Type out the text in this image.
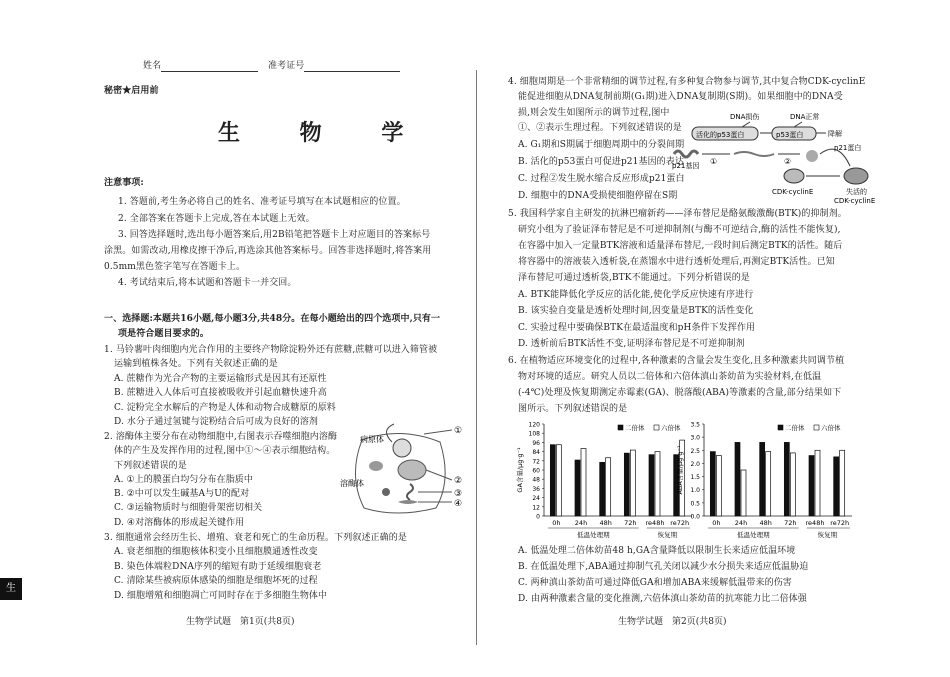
姓名	准考证号
秘密★启用前
生 物 学
注意事项:
1. 答题前,考生务必将自己的姓名、准考证号填写在本试题相应的位置。
2. 全部答案在答题卡上完成,答在本试题上无效。
3. 回答选择题时,选出每小题答案后,用2B铅笔把答题卡上对应题目的答案标号
涂黑。如需改动,用橡皮擦干净后,再选涂其他答案标号。回答非选择题时,将答案用
0.5mm黑色签字笔写在答题卡上。
4. 考试结束后,将本试题和答题卡一并交回。
一、选择题:本题共16小题,每小题3分,共48分。在每小题给出的四个选项中,只有一
项是符合题目要求的。
1. 马铃薯叶肉细胞内光合作用的主要终产物除淀粉外还有蔗糖,蔗糖可以进入筛管被
运输到植株各处。下列有关叙述正确的是
A. 蔗糖作为光合产物的主要运输形式是因其有还原性
B. 蔗糖进入人体后可直接被吸收并引起血糖快速升高
C. 淀粉完全水解后的产物是人体和动物合成糖原的原料
D. 水分子通过氢键与淀粉结合后可成为良好的溶剂
2. 溶酶体主要分布在动物细胞中,右图表示吞噬细胞内溶酶
体的产生及发挥作用的过程,图中①～④表示细胞结构。
下列叙述错误的是
A. ①上的膜蛋白均匀分布在脂质中
B. ②中可以发生碱基A与U的配对
C. ③运输物质时与细胞骨架密切相关
D. ④对溶酶体的形成起关键作用
病原体
溶酶体
①
②
③
④
3. 细胞通常会经历生长、增殖、衰老和死亡的生命历程。下列叙述正确的是
A. 衰老细胞的细胞核体积变小且细胞膜通透性改变
B. 染色体端粒DNA序列的缩短有助于延缓细胞衰老
C. 清除某些被病原体感染的细胞是细胞坏死的过程
D. 细胞增殖和细胞凋亡可同时存在于多细胞生物体中
生物学试题　第1页(共8页)
生
4. 细胞周期是一个非常精细的调节过程,有多种复合物参与调节,其中复合物CDK-cyclinE
能促进细胞从DNA复制前期(G₁期)进入DNA复制期(S期)。如果细胞中的DNA受
损,则会发生如图所示的调节过程,图中
①、②表示生理过程。下列叙述错误的是
A. G₁期和S期属于细胞周期中的分裂间期
B. 活化的p53蛋白可促进p21基因的表达
C. 过程②发生脱水缩合反应形成p21蛋白
D. 细胞中的DNA受损使细胞停留在S期
DNA损伤	DNA正常
活化的p53蛋白	p53蛋白	降解
p21基因 ①	②
p21蛋白
CDK-cyclinE	失活的
CDK-cyclinE
5. 我国科学家自主研发的抗淋巴瘤新药——泽布替尼是酪氨酸激酶(BTK)的抑制剂。
研究小组为了验证泽布替尼是不可逆抑制剂(与酶不可逆结合,酶的活性不能恢复),
在容器中加入一定量BTK溶液和适量泽布替尼,一段时间后测定BTK的活性。随后
将容器中的溶液装入透析袋,在蒸馏水中进行透析处理后,再测定BTK活性。已知
泽布替尼可通过透析袋,BTK不能通过。下列分析错误的是
A. BTK能降低化学反应的活化能,使化学反应快速有序进行
B. 该实验自变量是透析处理时间,因变量是BTK的活性变化
C. 实验过程中要确保BTK在最适温度和pH条件下发挥作用
D. 透析前后BTK活性不变,证明泽布替尼是不可逆抑制剂
6. 在植物适应环境变化的过程中,各种激素的含量会发生变化,且多种激素共同调节植
物对环境的适应。研究人员以二倍体和六倍体滇山茶幼苗为实验材料,在低温
(-4℃)处理及恢复期测定赤霉素(GA)、脱落酸(ABA)等激素的含量,部分结果如下
图所示。下列叙述错误的是
0
12
24
36
48
60
72
84
96
108
120
GA含量/μg·g⁻¹
0h 24h 48h 72h re48h re72h
低温处理期	恢复期
二倍体	六倍体
0.0
0.5
1.0
1.5
2.0
2.5
3.0
3.5
ABA含量/μg·g⁻¹
0h 24h 48h 72h re48h re72h
低温处理期	恢复期
二倍体	六倍体
A. 低温处理二倍体幼苗48 h,GA含量降低以限制生长来适应低温环境
B. 在低温处理下,ABA通过抑制气孔关闭以减少水分损失来适应低温胁迫
C. 两种滇山茶幼苗可通过降低GA和增加ABA来缓解低温带来的伤害
D. 由两种激素含量的变化推测,六倍体滇山茶幼苗的抗寒能力比二倍体强
生物学试题　第2页(共8页)
